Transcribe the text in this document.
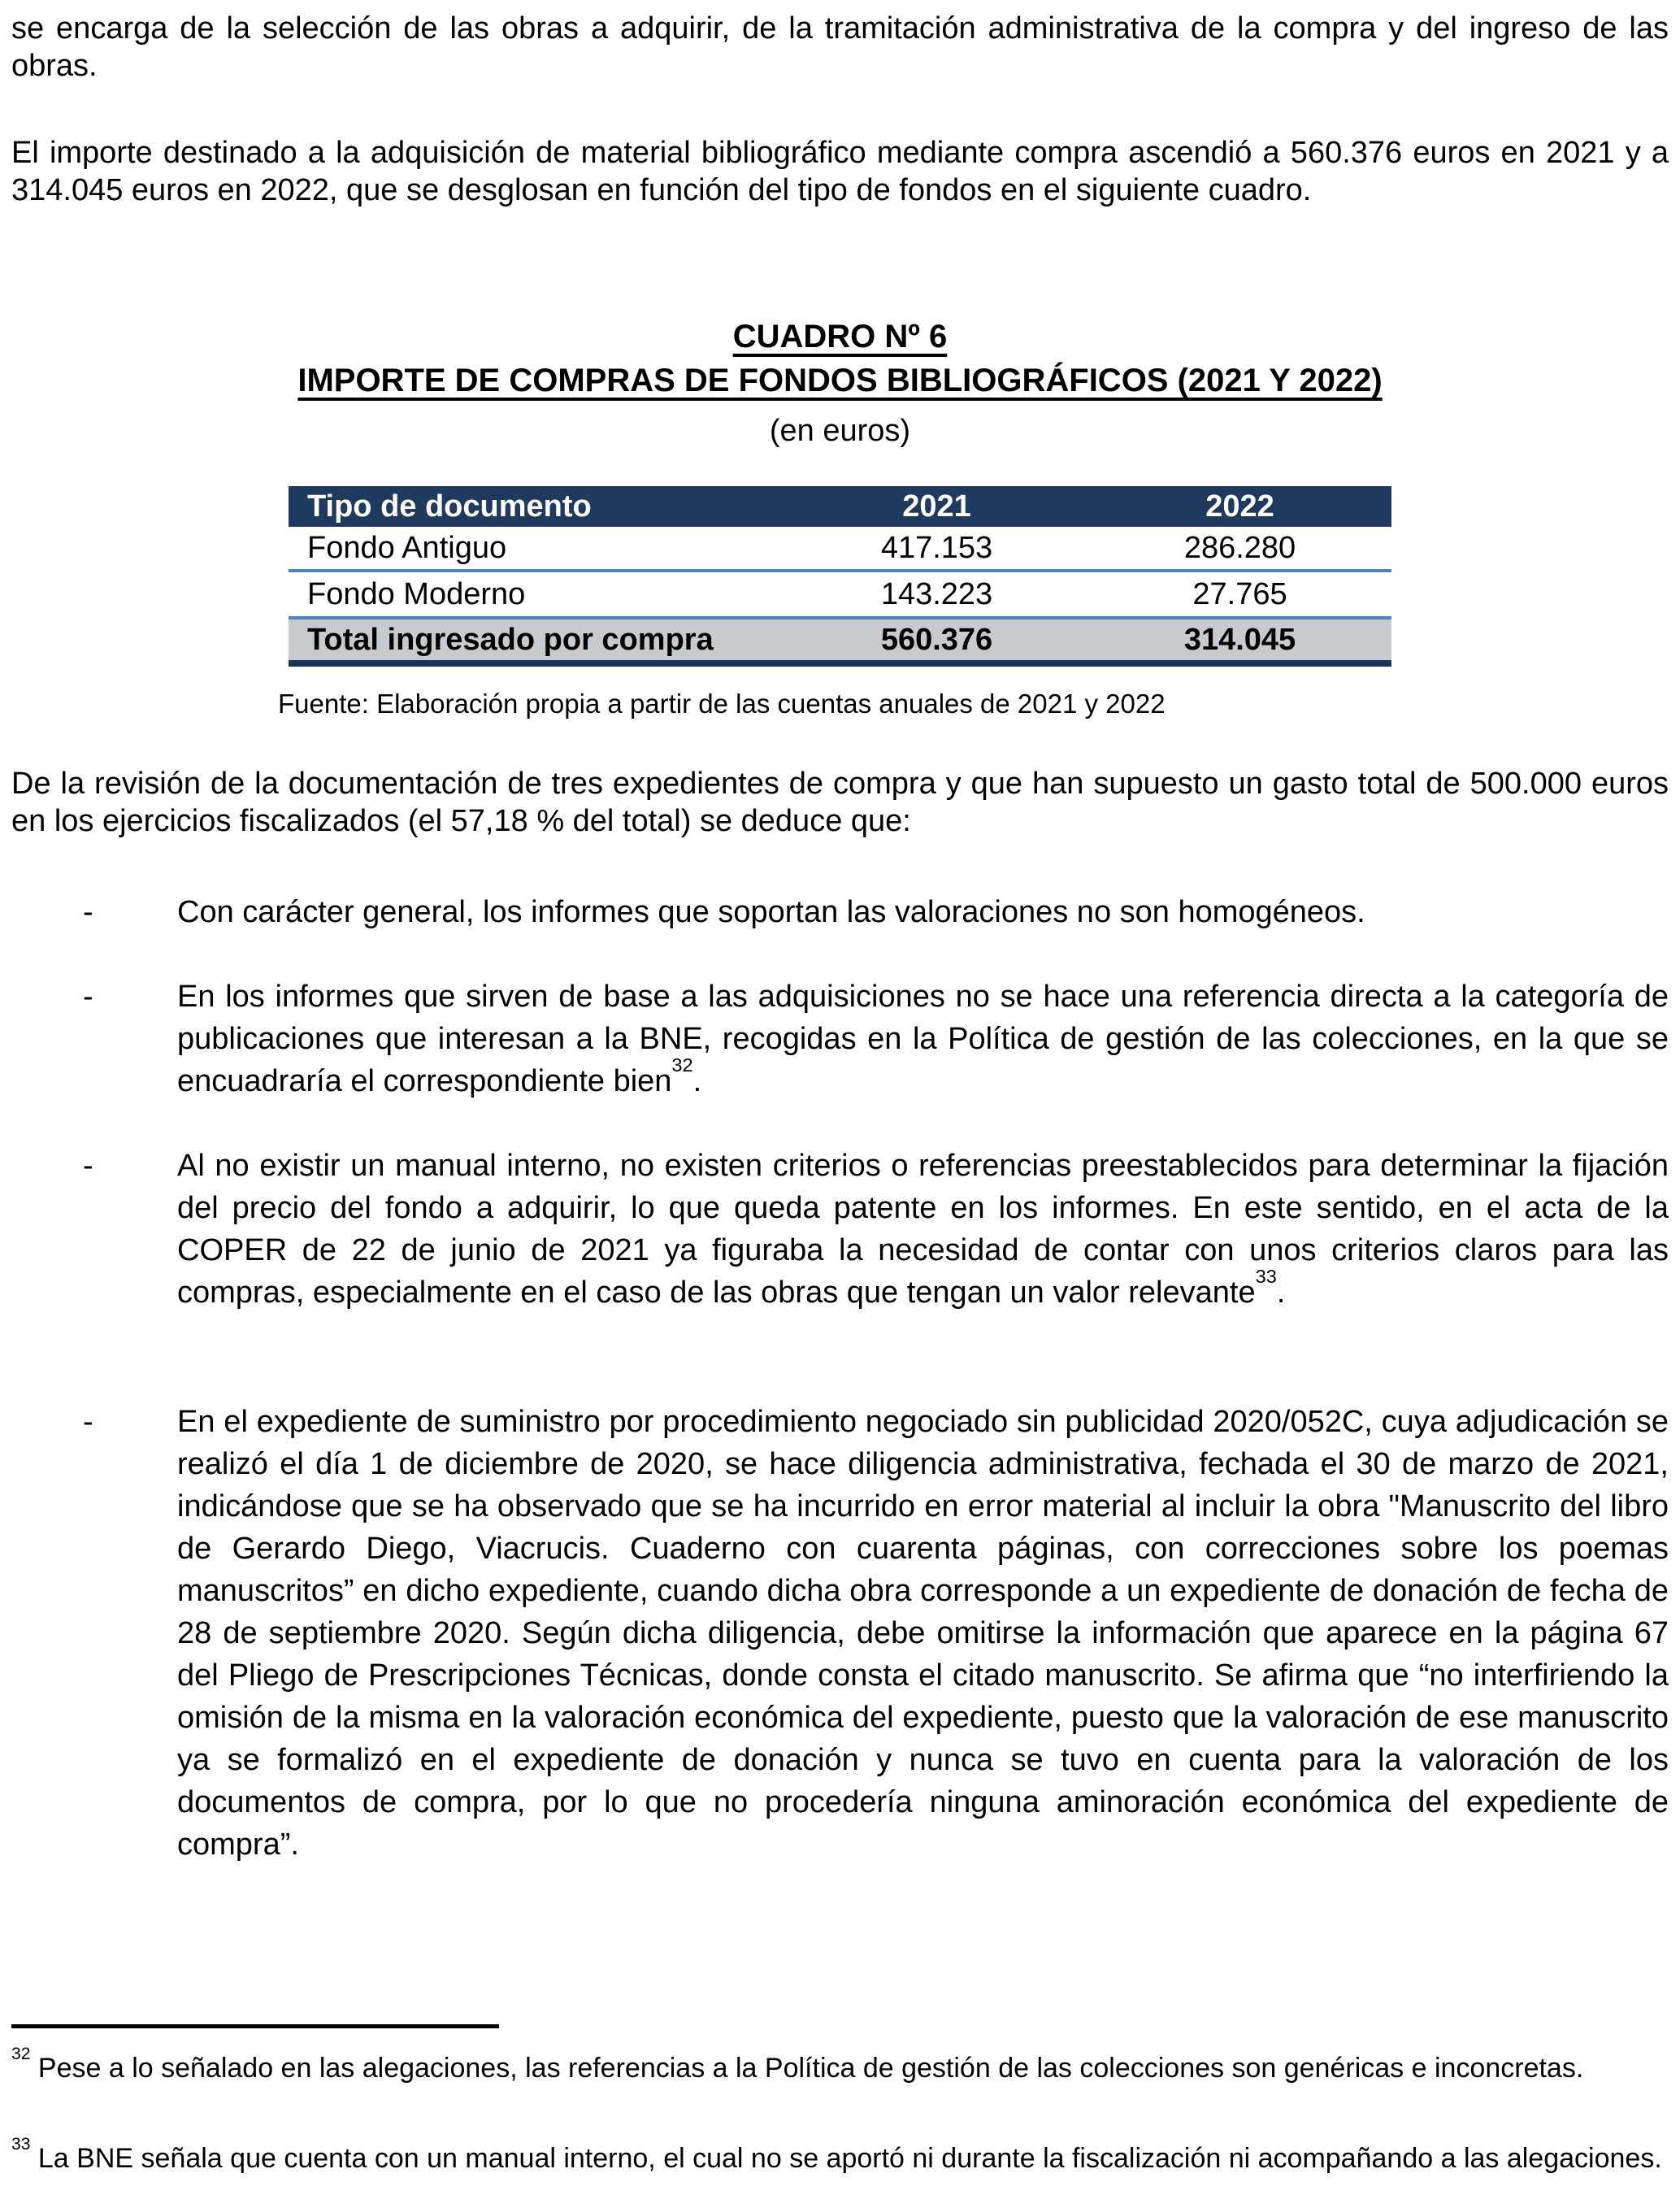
se encarga de la selección de las obras a adquirir, de la tramitación administrativa de la compra y del ingreso de las obras.

El importe destinado a la adquisición de material bibliográfico mediante compra ascendió a 560.376 euros en 2021 y a 314.045 euros en 2022, que se desglosan en función del tipo de fondos en el siguiente cuadro.

CUADRO Nº 6
IMPORTE DE COMPRAS DE FONDOS BIBLIOGRÁFICOS (2021 Y 2022)
(en euros)
Tipo de documento	2021	2022
Fondo Antiguo	417.153	286.280
Fondo Moderno	143.223	27.765
Total ingresado por compra	560.376	314.045
Fuente: Elaboración propia a partir de las cuentas anuales de 2021 y 2022

De la revisión de la documentación de tres expedientes de compra y que han supuesto un gasto total de 500.000 euros en los ejercicios fiscalizados (el 57,18 % del total) se deduce que:

-	Con carácter general, los informes que soportan las valoraciones no son homogéneos.
-	En los informes que sirven de base a las adquisiciones no se hace una referencia directa a la categoría de publicaciones que interesan a la BNE, recogidas en la Política de gestión de las colecciones, en la que se encuadraría el correspondiente bien$^{32}$.
-	Al no existir un manual interno, no existen criterios o referencias preestablecidos para determinar la fijación del precio del fondo a adquirir, lo que queda patente en los informes. En este sentido, en el acta de la COPER de 22 de junio de 2021 ya figuraba la necesidad de contar con unos criterios claros para las compras, especialmente en el caso de las obras que tengan un valor relevante$^{33}$.
-	En el expediente de suministro por procedimiento negociado sin publicidad 2020/052C, cuya adjudicación se realizó el día 1 de diciembre de 2020, se hace diligencia administrativa, fechada el 30 de marzo de 2021, indicándose que se ha observado que se ha incurrido en error material al incluir la obra "Manuscrito del libro de Gerardo Diego, Viacrucis. Cuaderno con cuarenta páginas, con correcciones sobre los poemas manuscritos” en dicho expediente, cuando dicha obra corresponde a un expediente de donación de fecha de 28 de septiembre 2020. Según dicha diligencia, debe omitirse la información que aparece en la página 67 del Pliego de Prescripciones Técnicas, donde consta el citado manuscrito. Se afirma que “no interfiriendo la omisión de la misma en la valoración económica del expediente, puesto que la valoración de ese manuscrito ya se formalizó en el expediente de donación y nunca se tuvo en cuenta para la valoración de los documentos de compra, por lo que no procedería ninguna aminoración económica del expediente de compra”.
$^{32}$ Pese a lo señalado en las alegaciones, las referencias a la Política de gestión de las colecciones son genéricas e inconcretas.
$^{33}$ La BNE señala que cuenta con un manual interno, el cual no se aportó ni durante la fiscalización ni acompañando a las alegaciones.
